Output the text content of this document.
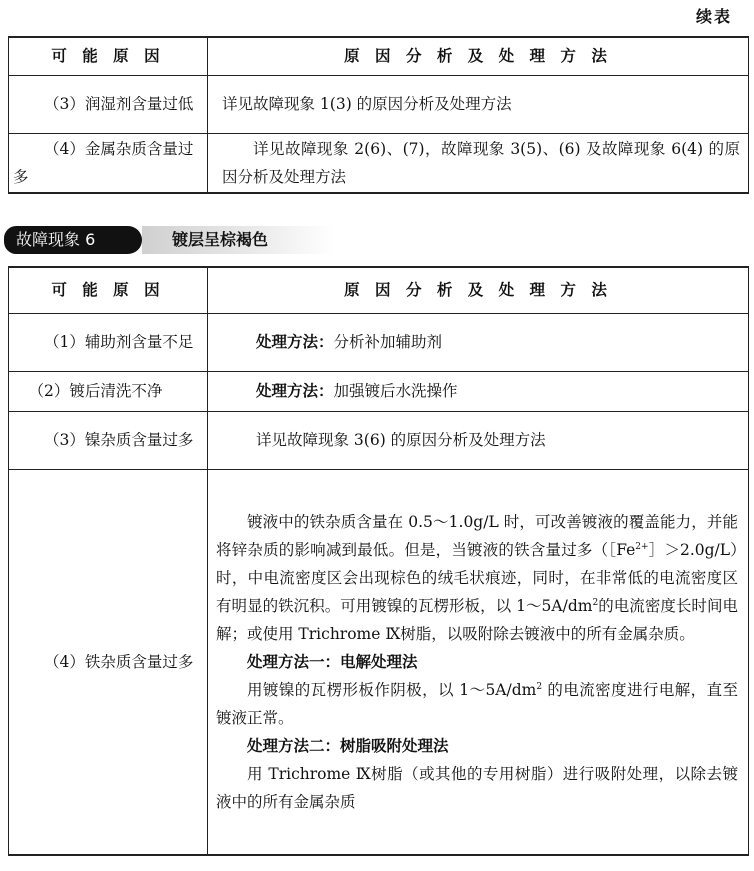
续表
可 能 原 因	原 因 分 析 及 处 理 方 法
（3）润湿剂含量过低	详见故障现象 1(3) 的原因分析及处理方法
（4）金属杂质含量过多	详见故障现象 2(6)、(7)，故障现象 3(5)、(6) 及故障现象 6(4) 的原因分析及处理方法
故障现象 6	镀层呈棕褐色
可 能 原 因	原 因 分 析 及 处 理 方 法
（1）辅助剂含量不足	处理方法：分析补加辅助剂
（2）镀后清洗不净	处理方法：加强镀后水洗操作
（3）镍杂质含量过多	详见故障现象 3(6) 的原因分析及处理方法
（4）铁杂质含量过多	镀液中的铁杂质含量在 0.5～1.0g/L 时，可改善镀液的覆盖能力，并能将锌杂质的影响减到最低。但是，当镀液的铁含量过多$([Fe^{2+}]>2.0g/L)$时，中电流密度区会出现棕色的绒毛状痕迹，同时，在非常低的电流密度区有明显的铁沉积。可用镀镍的瓦楞形板，以 $1\sim 5A/dm^2$的电流密度长时间电解；或使用 Trichrome Ⅸ树脂，以吸附除去镀液中的所有金属杂质。

处理方法一：电解处理法

用镀镍的瓦楞形板作阴极，以 $1\sim 5A/dm^2$ 的电流密度进行电解，直至镀液正常。

处理方法二：树脂吸附处理法

用 Trichrome Ⅸ树脂（或其他的专用树脂）进行吸附处理，以除去镀液中的所有金属杂质
